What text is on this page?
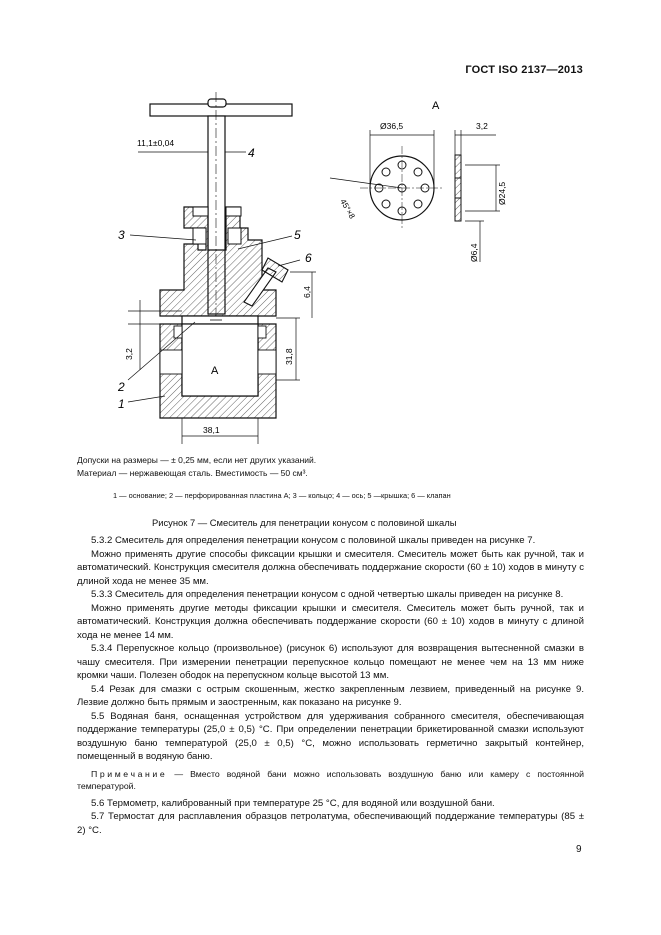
ГОСТ ISO 2137—2013
A
11,1±0,04
4
3	5
6
2
1
38,1
3,2	31,8
6,4
A
Ø36,5	3,2
45°×8
Ø24,5
Ø6,4
Допуски на размеры — ± 0,25 мм, если нет других указаний.
Материал — нержавеющая сталь. Вместимость — 50 см³.
1 — основание; 2 — перфорированная пластина А; 3 — кольцо; 4 — ось; 5 —крышка; 6 — клапан
Рисунок 7 — Смеситель для пенетрации конусом с половиной шкалы

5.3.2 Смеситель для определения пенетрации конусом с половиной шкалы приведен на рисунке 7.

Можно применять другие способы фиксации крышки и смесителя. Смеситель может быть как ручной, так и автоматический. Конструкция смесителя должна обеспечивать поддержание скорости (60 ± 10) ходов в минуту с длиной хода не менее 35 мм.

5.3.3 Смеситель для определения пенетрации конусом с одной четвертью шкалы приведен на рисунке 8.

Можно применять другие методы фиксации крышки и смесителя. Смеситель может быть ручной, так и автоматический. Конструкция должна обеспечивать поддержание скорости (60 ± 10) ходов в минуту с длиной хода не менее 14 мм.

5.3.4 Перепускное кольцо (произвольное) (рисунок 6) используют для возвращения вытесненной смазки в чашу смесителя. При измерении пенетрации перепускное кольцо помещают не менее чем на 13 мм ниже кромки чаши. Полезен ободок на перепускном кольце высотой 13 мм.

5.4 Резак для смазки с острым скошенным, жестко закрепленным лезвием, приведенный на рисунке 9. Лезвие должно быть прямым и заостренным, как показано на рисунке 9.

5.5 Водяная баня, оснащенная устройством для удерживания собранного смесителя, обеспечивающая поддержание температуры (25,0 ± 0,5) °С. При определении пенетрации брикетированной смазки используют воздушную баню температурой (25,0 ± 0,5) °С, можно использовать герметично закрытый контейнер, помещенный в водяную баню.

Примечание — Вместо водяной бани можно использовать воздушную баню или камеру с постоянной температурой.

5.6 Термометр, калиброванный при температуре 25 °С, для водяной или воздушной бани.

5.7 Термостат для расплавления образцов петролатума, обеспечивающий поддержание температуры (85 ± 2) °С.

9
